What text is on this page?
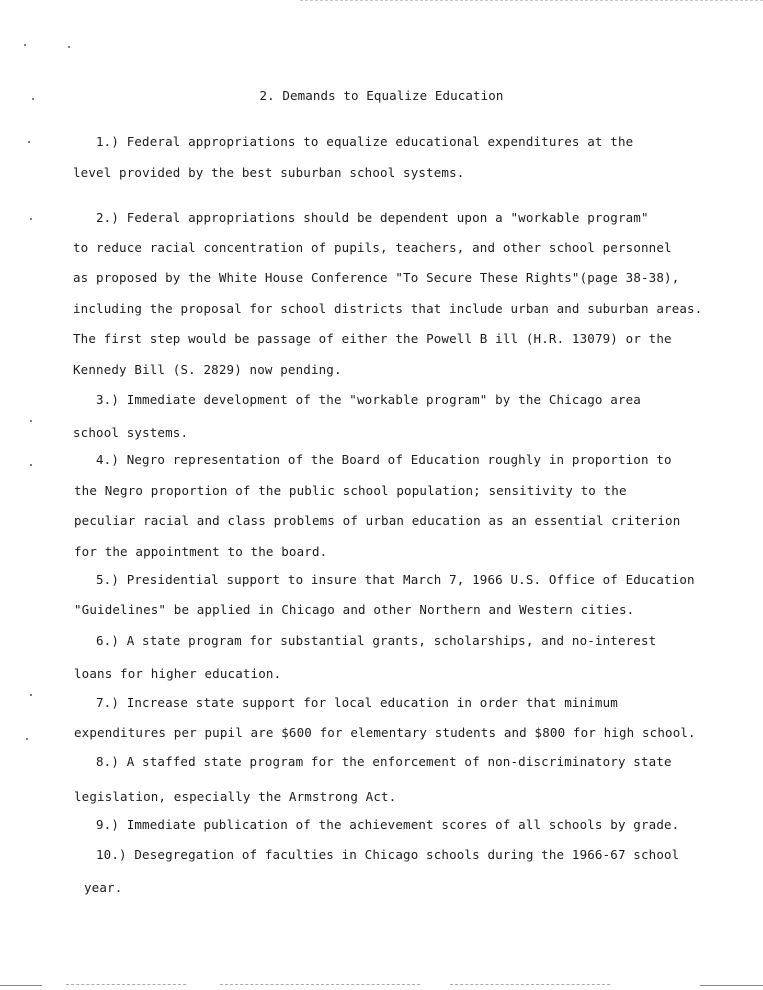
2. Demands to Equalize Education
1.) Federal appropriations to equalize educational expenditures at the
level provided by the best suburban school systems.
2.) Federal appropriations should be dependent upon a "workable program"
to reduce racial concentration of pupils, teachers, and other school personnel
as proposed by the White House Conference "To Secure These Rights"(page 38-38),
including the proposal for school districts that include urban and suburban areas.
The first step would be passage of either the Powell B ill (H.R. 13079) or the
Kennedy Bill (S. 2829) now pending.
3.) Immediate development of the "workable program" by the Chicago area
school systems.
4.) Negro representation of the Board of Education roughly in proportion to
the Negro proportion of the public school population; sensitivity to the
peculiar racial and class problems of urban education as an essential criterion
for the appointment to the board.
5.) Presidential support to insure that March 7, 1966 U.S. Office of Education
"Guidelines" be applied in Chicago and other Northern and Western cities.
6.) A state program for substantial grants, scholarships, and no-interest
loans for higher education.
7.) Increase state support for local education in order that minimum
expenditures per pupil are $600 for elementary students and $800 for high school.
8.) A staffed state program for the enforcement of non-discriminatory state
legislation, especially the Armstrong Act.
9.) Immediate publication of the achievement scores of all schools by grade.
10.) Desegregation of faculties in Chicago schools during the 1966-67 school
year.
